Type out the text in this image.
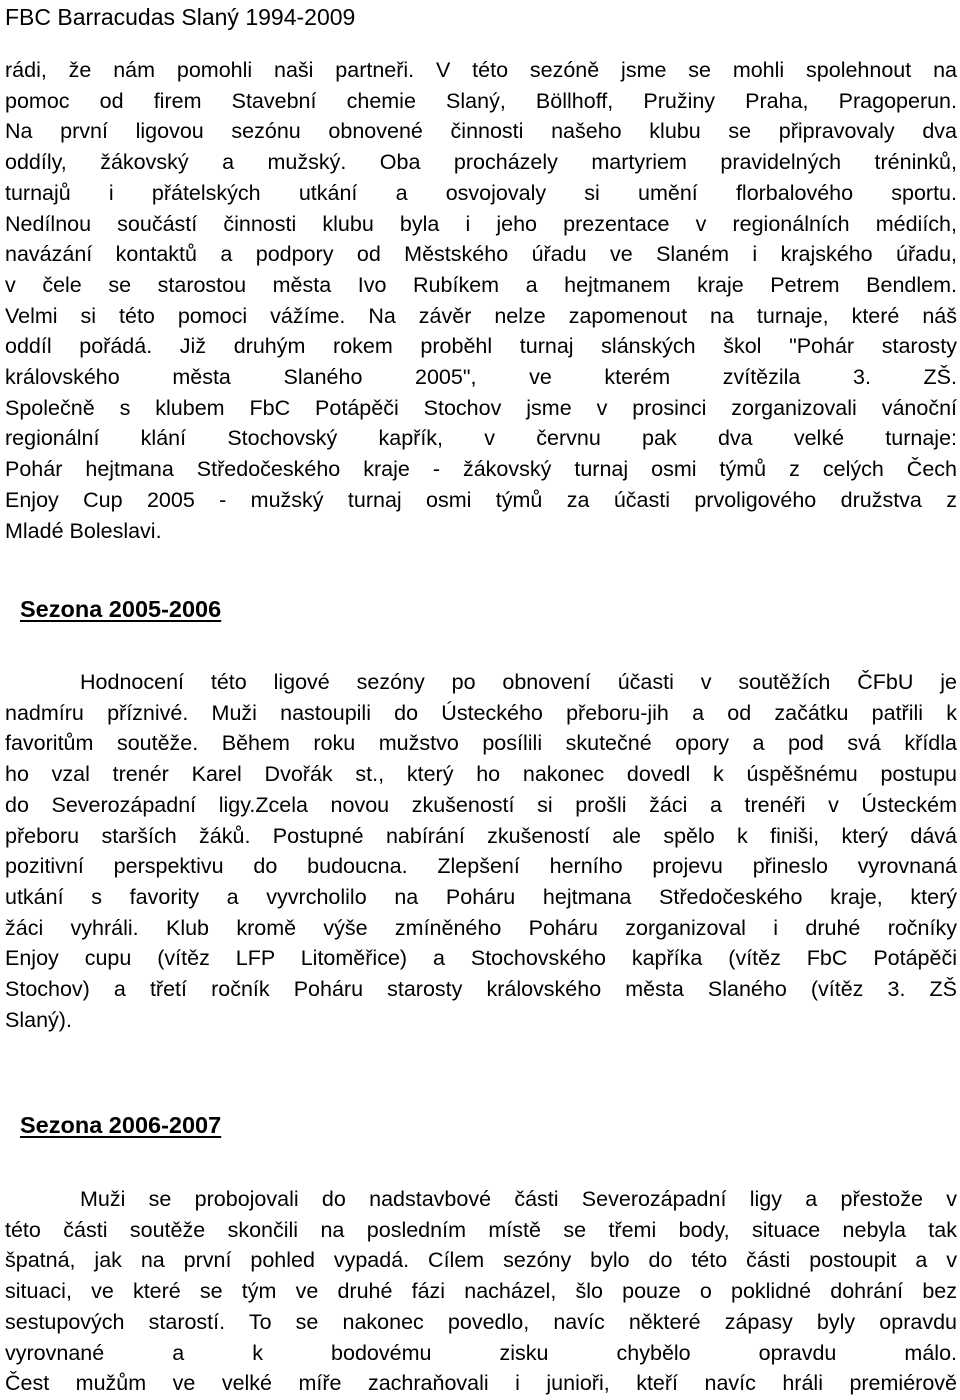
FBC Barracudas Slaný 1994-2009
rádi, že nám pomohli naši partneři. V této sezóně jsme se mohli spolehnout na
pomoc od firem Stavební chemie Slaný, Böllhoff, Pružiny Praha, Pragoperun.
Na první ligovou sezónu obnovené činnosti našeho klubu se připravovaly dva
oddíly, žákovský a mužský. Oba procházely martyriem pravidelných tréninků,
turnajů i přátelských utkání a osvojovaly si umění florbalového sportu.
Nedílnou součástí činnosti klubu byla i jeho prezentace v regionálních médiích,
navázání kontaktů a podpory od Městského úřadu ve Slaném i krajského úřadu,
v čele se starostou města Ivo Rubíkem a hejtmanem kraje Petrem Bendlem.
Velmi si této pomoci vážíme. Na závěr nelze zapomenout na turnaje, které náš
oddíl pořádá. Již druhým rokem proběhl turnaj slánských škol "Pohár starosty
královského města Slaného 2005", ve kterém zvítězila 3. ZŠ.
Společně s klubem FbC Potápěči Stochov jsme v prosinci zorganizovali vánoční
regionální klání Stochovský kapřík, v červnu pak dva velké turnaje:
Pohár hejtmana Středočeského kraje - žákovský turnaj osmi týmů z celých Čech
Enjoy Cup 2005 - mužský turnaj osmi týmů za účasti prvoligového družstva z
Mladé Boleslavi.
Sezona 2005-2006
Hodnocení této ligové sezóny po obnovení účasti v soutěžích ČFbU je
nadmíru příznivé. Muži nastoupili do Ústeckého přeboru-jih a od začátku patřili k
favoritům soutěže. Během roku mužstvo posílili skutečné opory a pod svá křídla
ho vzal trenér Karel Dvořák st., který ho nakonec dovedl k úspěšnému postupu
do Severozápadní ligy.Zcela novou zkušeností si prošli žáci a trenéři v Ústeckém
přeboru starších žáků. Postupné nabírání zkušeností ale spělo k finiši, který dává
pozitivní perspektivu do budoucna. Zlepšení herního projevu přineslo vyrovnaná
utkání s favority a vyvrcholilo na Poháru hejtmana Středočeského kraje, který
žáci vyhráli. Klub kromě výše zmíněného Poháru zorganizoval i druhé ročníky
Enjoy cupu (vítěz LFP Litoměřice) a Stochovského kapříka (vítěz FbC Potápěči
Stochov) a třetí ročník Poháru starosty královského města Slaného (vítěz 3. ZŠ
Slaný).
Sezona 2006-2007
Muži se probojovali do nadstavbové části Severozápadní ligy a přestože v
této části soutěže skončili na posledním místě se třemi body, situace nebyla tak
špatná, jak na první pohled vypadá. Cílem sezóny bylo do této části postoupit a v
situaci, ve které se tým ve druhé fázi nacházel, šlo pouze o poklidné dohrání bez
sestupových starostí. To se nakonec povedlo, navíc některé zápasy byly opravdu
vyrovnané a k bodovému zisku chybělo opravdu málo.
Čest mužům ve velké míře zachraňovali i junioři, kteří navíc hráli premiérově
